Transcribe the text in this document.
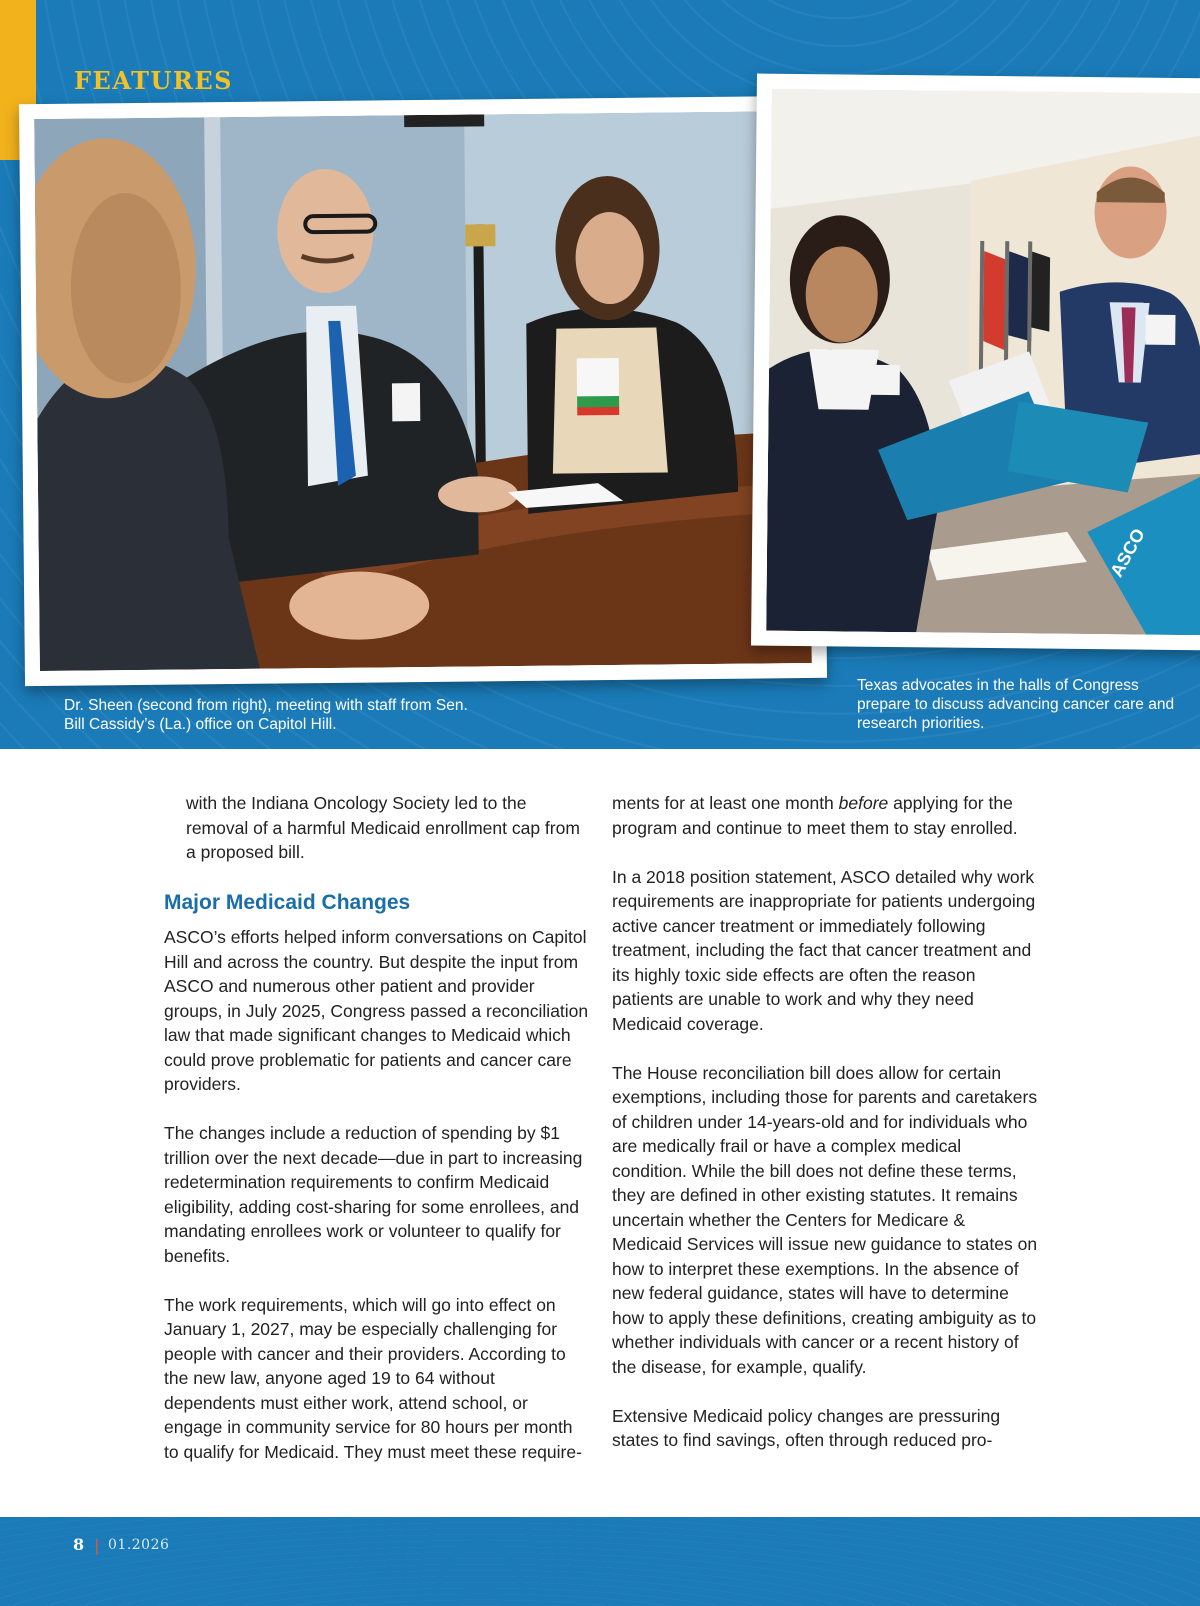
FEATURES
ASCO
Dr. Sheen (second from right), meeting with staff from Sen. Bill Cassidy’s (La.) office on Capitol Hill.
Texas advocates in the halls of Congress prepare to discuss advancing cancer care and research priorities.

with the Indiana Oncology Society led to the removal of a harmful Medicaid enrollment cap from a proposed bill.

Major Medicaid Changes

ASCO’s efforts helped inform conversations on Capitol Hill and across the country. But despite the input from ASCO and numerous other patient and provider groups, in July 2025, Congress passed a reconciliation law that made significant changes to Medicaid which could prove problematic for patients and cancer care providers.

The changes include a reduction of spending by $1 trillion over the next decade—due in part to increasing redetermination requirements to confirm Medicaid eligibility, adding cost-sharing for some enrollees, and mandating enrollees work or volunteer to qualify for benefits.

The work requirements, which will go into effect on January 1, 2027, may be especially challenging for people with cancer and their providers. According to the new law, anyone aged 19 to 64 without dependents must either work, attend school, or engage in community service for 80 hours per month to qualify for Medicaid. They must meet these require-

ments for at least one month before applying for the program and continue to meet them to stay enrolled.

In a 2018 position statement, ASCO detailed why work requirements are inappropriate for patients undergoing active cancer treatment or immediately following treatment, including the fact that cancer treatment and its highly toxic side effects are often the reason patients are unable to work and why they need Medicaid coverage.

The House reconciliation bill does allow for certain exemptions, including those for parents and caretakers of children under 14-years-old and for individuals who are medically frail or have a complex medical condition. While the bill does not define these terms, they are defined in other existing statutes. It remains uncertain whether the Centers for Medicare & Medicaid Services will issue new guidance to states on how to interpret these exemptions. In the absence of new federal guidance, states will have to determine how to apply these definitions, creating ambiguity as to whether individuals with cancer or a recent history of the disease, for example, qualify.

Extensive Medicaid policy changes are pressuring states to find savings, often through reduced pro-

8 | 01.2026
